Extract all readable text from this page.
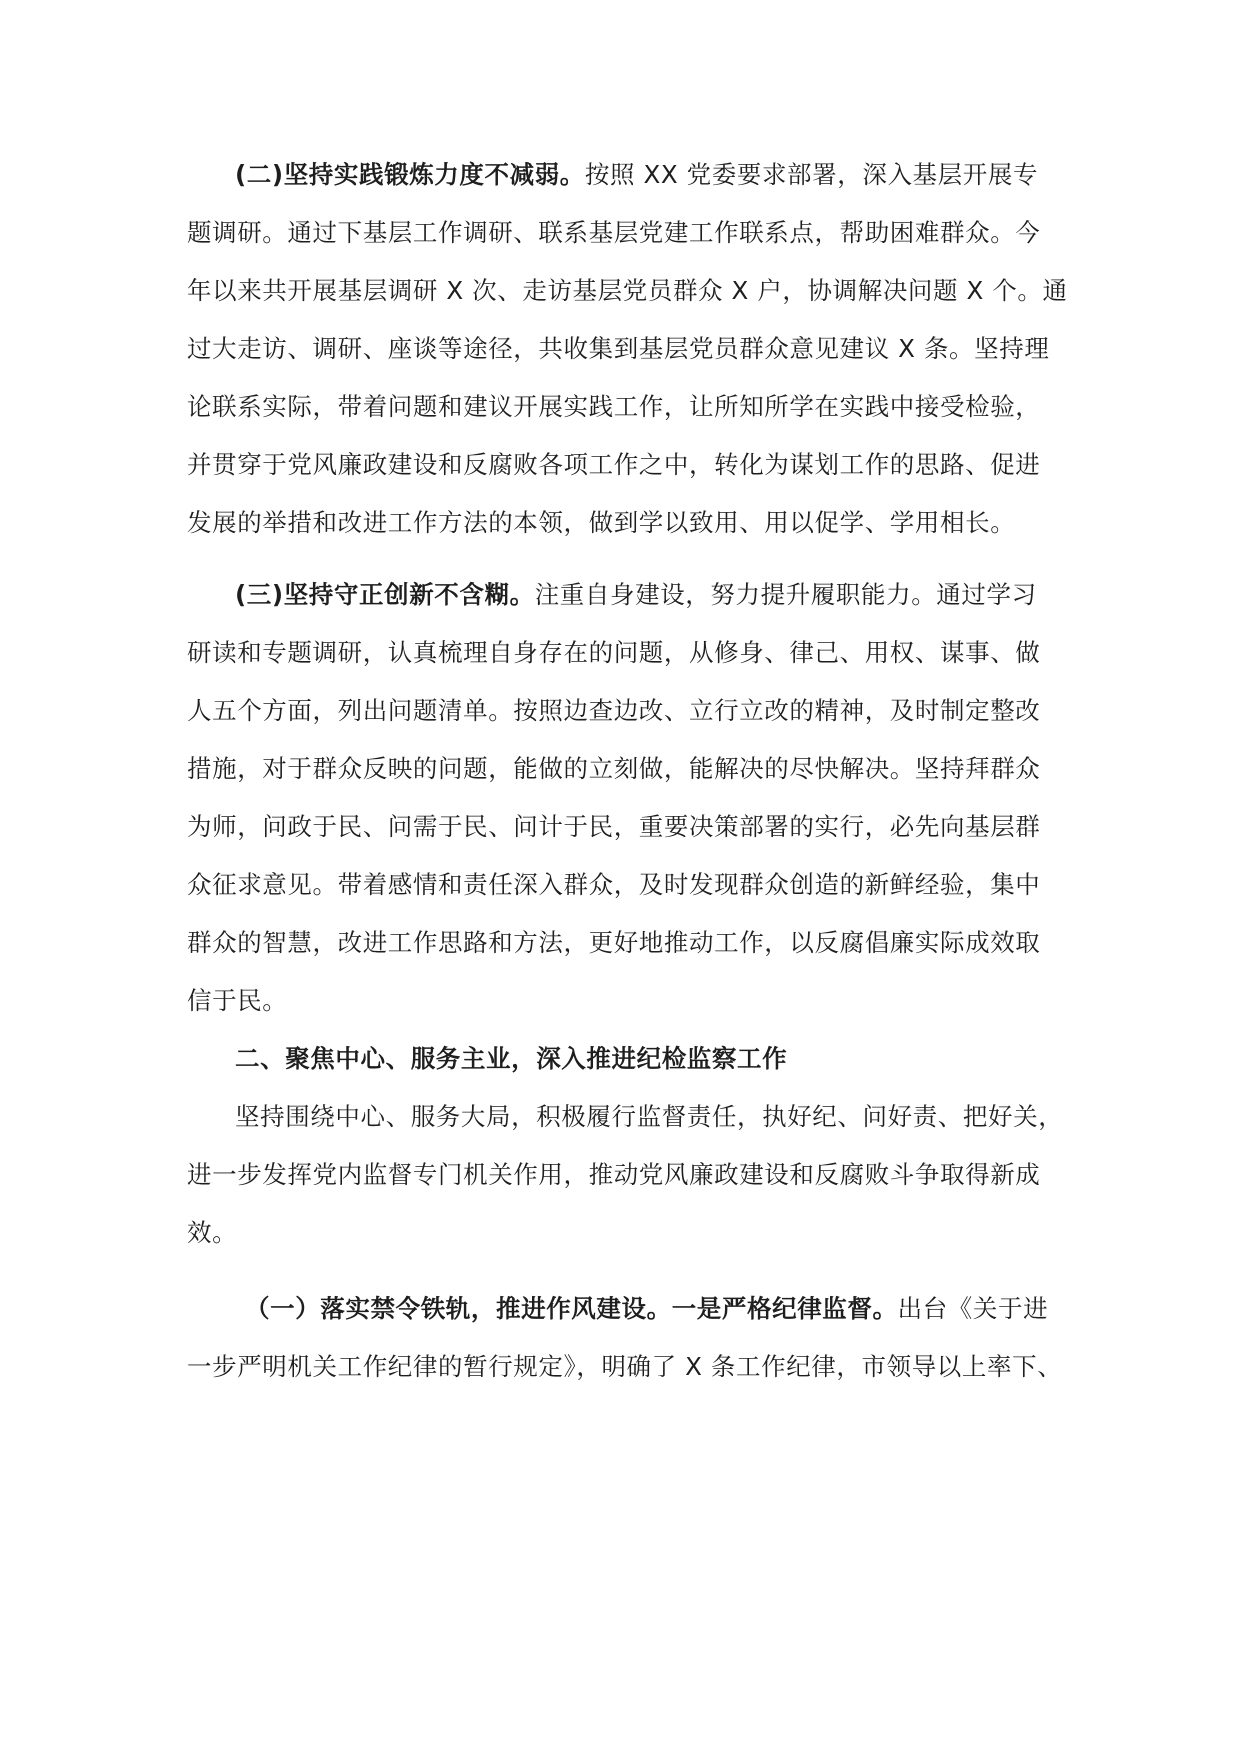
(二)坚持实践锻炼力度不减弱。按照 XX 党委要求部署，深入基层开展专
题调研。通过下基层工作调研、联系基层党建工作联系点，帮助困难群众。今
年以来共开展基层调研 X 次、走访基层党员群众 X 户，协调解决问题 X 个。通
过大走访、调研、座谈等途径，共收集到基层党员群众意见建议 X 条。坚持理
论联系实际，带着问题和建议开展实践工作，让所知所学在实践中接受检验，
并贯穿于党风廉政建设和反腐败各项工作之中，转化为谋划工作的思路、促进
发展的举措和改进工作方法的本领，做到学以致用、用以促学、学用相长。
(三)坚持守正创新不含糊。注重自身建设，努力提升履职能力。通过学习
研读和专题调研，认真梳理自身存在的问题，从修身、律己、用权、谋事、做
人五个方面，列出问题清单。按照边查边改、立行立改的精神，及时制定整改
措施，对于群众反映的问题，能做的立刻做，能解决的尽快解决。坚持拜群众
为师，问政于民、问需于民、问计于民，重要决策部署的实行，必先向基层群
众征求意见。带着感情和责任深入群众，及时发现群众创造的新鲜经验，集中
群众的智慧，改进工作思路和方法，更好地推动工作，以反腐倡廉实际成效取
信于民。
二、聚焦中心、服务主业，深入推进纪检监察工作
坚持围绕中心、服务大局，积极履行监督责任，执好纪、问好责、把好关，
进一步发挥党内监督专门机关作用，推动党风廉政建设和反腐败斗争取得新成
效。
（一）落实禁令铁轨，推进作风建设。一是严格纪律监督。出台《关于进
一步严明机关工作纪律的暂行规定》，明确了 X 条工作纪律，市领导以上率下、
